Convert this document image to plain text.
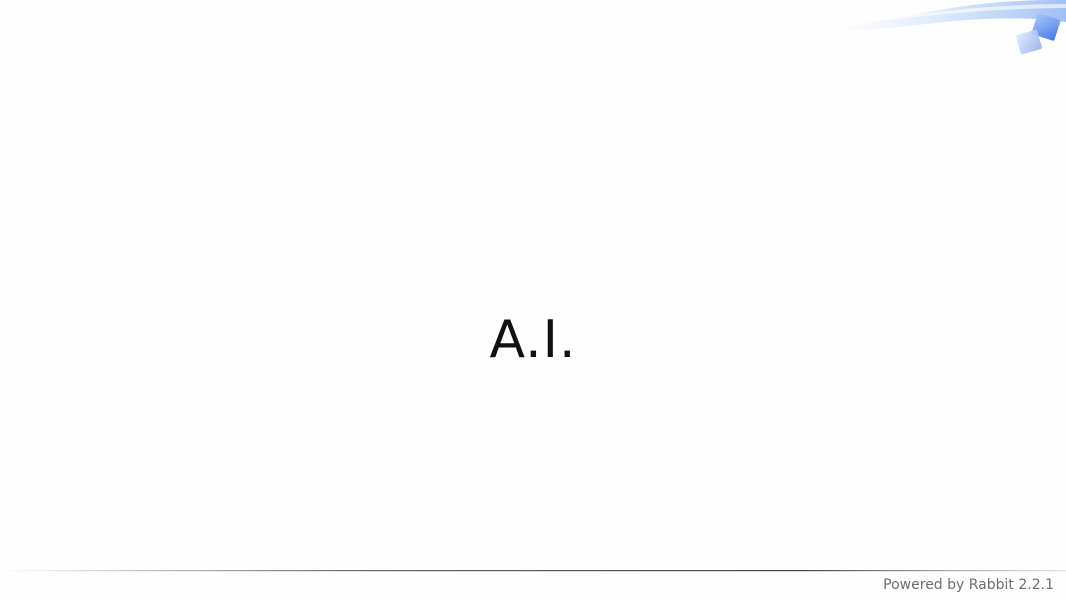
A.I.
Powered by Rabbit 2.2.1
